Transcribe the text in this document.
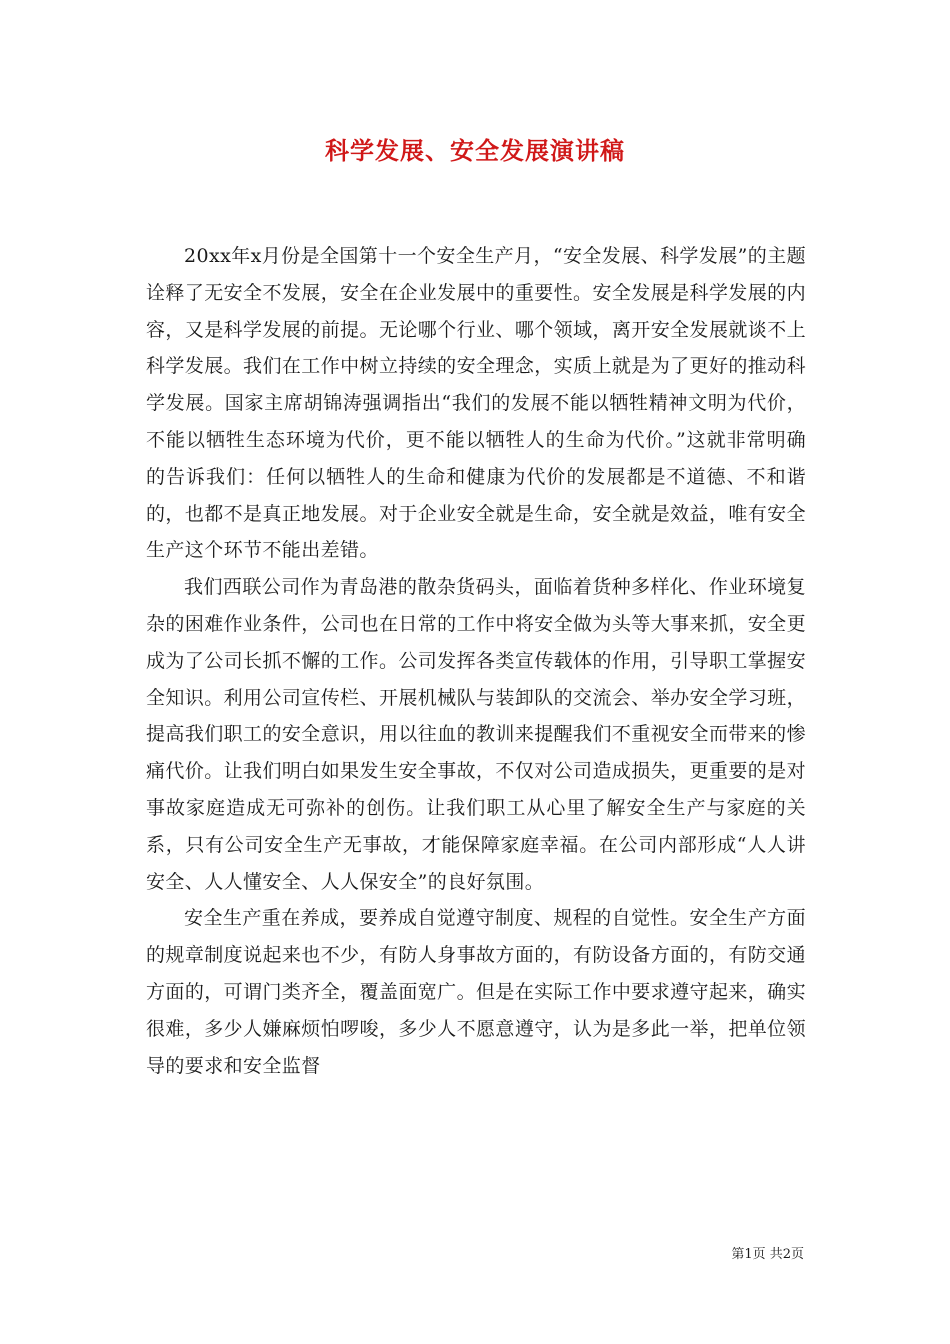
科学发展、安全发展演讲稿

20xx年x月份是全国第十一个安全生产月，“安全发展、科学发展”的主题诠释了无安全不发展，安全在企业发展中的重要性。安全发展是科学发展的内容，又是科学发展的前提。无论哪个行业、哪个领域，离开安全发展就谈不上科学发展。我们在工作中树立持续的安全理念，实质上就是为了更好的推动科学发展。国家主席胡锦涛强调指出“我们的发展不能以牺牲精神文明为代价，不能以牺牲生态环境为代价，更不能以牺牲人的生命为代价。”这就非常明确的告诉我们：任何以牺牲人的生命和健康为代价的发展都是不道德、不和谐的，也都不是真正地发展。对于企业安全就是生命，安全就是效益，唯有安全生产这个环节不能出差错。

我们西联公司作为青岛港的散杂货码头，面临着货种多样化、作业环境复杂的困难作业条件，公司也在日常的工作中将安全做为头等大事来抓，安全更成为了公司长抓不懈的工作。公司发挥各类宣传载体的作用，引导职工掌握安全知识。利用公司宣传栏、开展机械队与装卸队的交流会、举办安全学习班，提高我们职工的安全意识，用以往血的教训来提醒我们不重视安全而带来的惨痛代价。让我们明白如果发生安全事故，不仅对公司造成损失，更重要的是对事故家庭造成无可弥补的创伤。让我们职工从心里了解安全生产与家庭的关系，只有公司安全生产无事故，才能保障家庭幸福。在公司内部形成“人人讲安全、人人懂安全、人人保安全”的良好氛围。

安全生产重在养成，要养成自觉遵守制度、规程的自觉性。安全生产方面的规章制度说起来也不少，有防人身事故方面的，有防设备方面的，有防交通方面的，可谓门类齐全，覆盖面宽广。但是在实际工作中要求遵守起来，确实很难，多少人嫌麻烦怕啰唆，多少人不愿意遵守，认为是多此一举，把单位领导的要求和安全监督

第1页 共2页
